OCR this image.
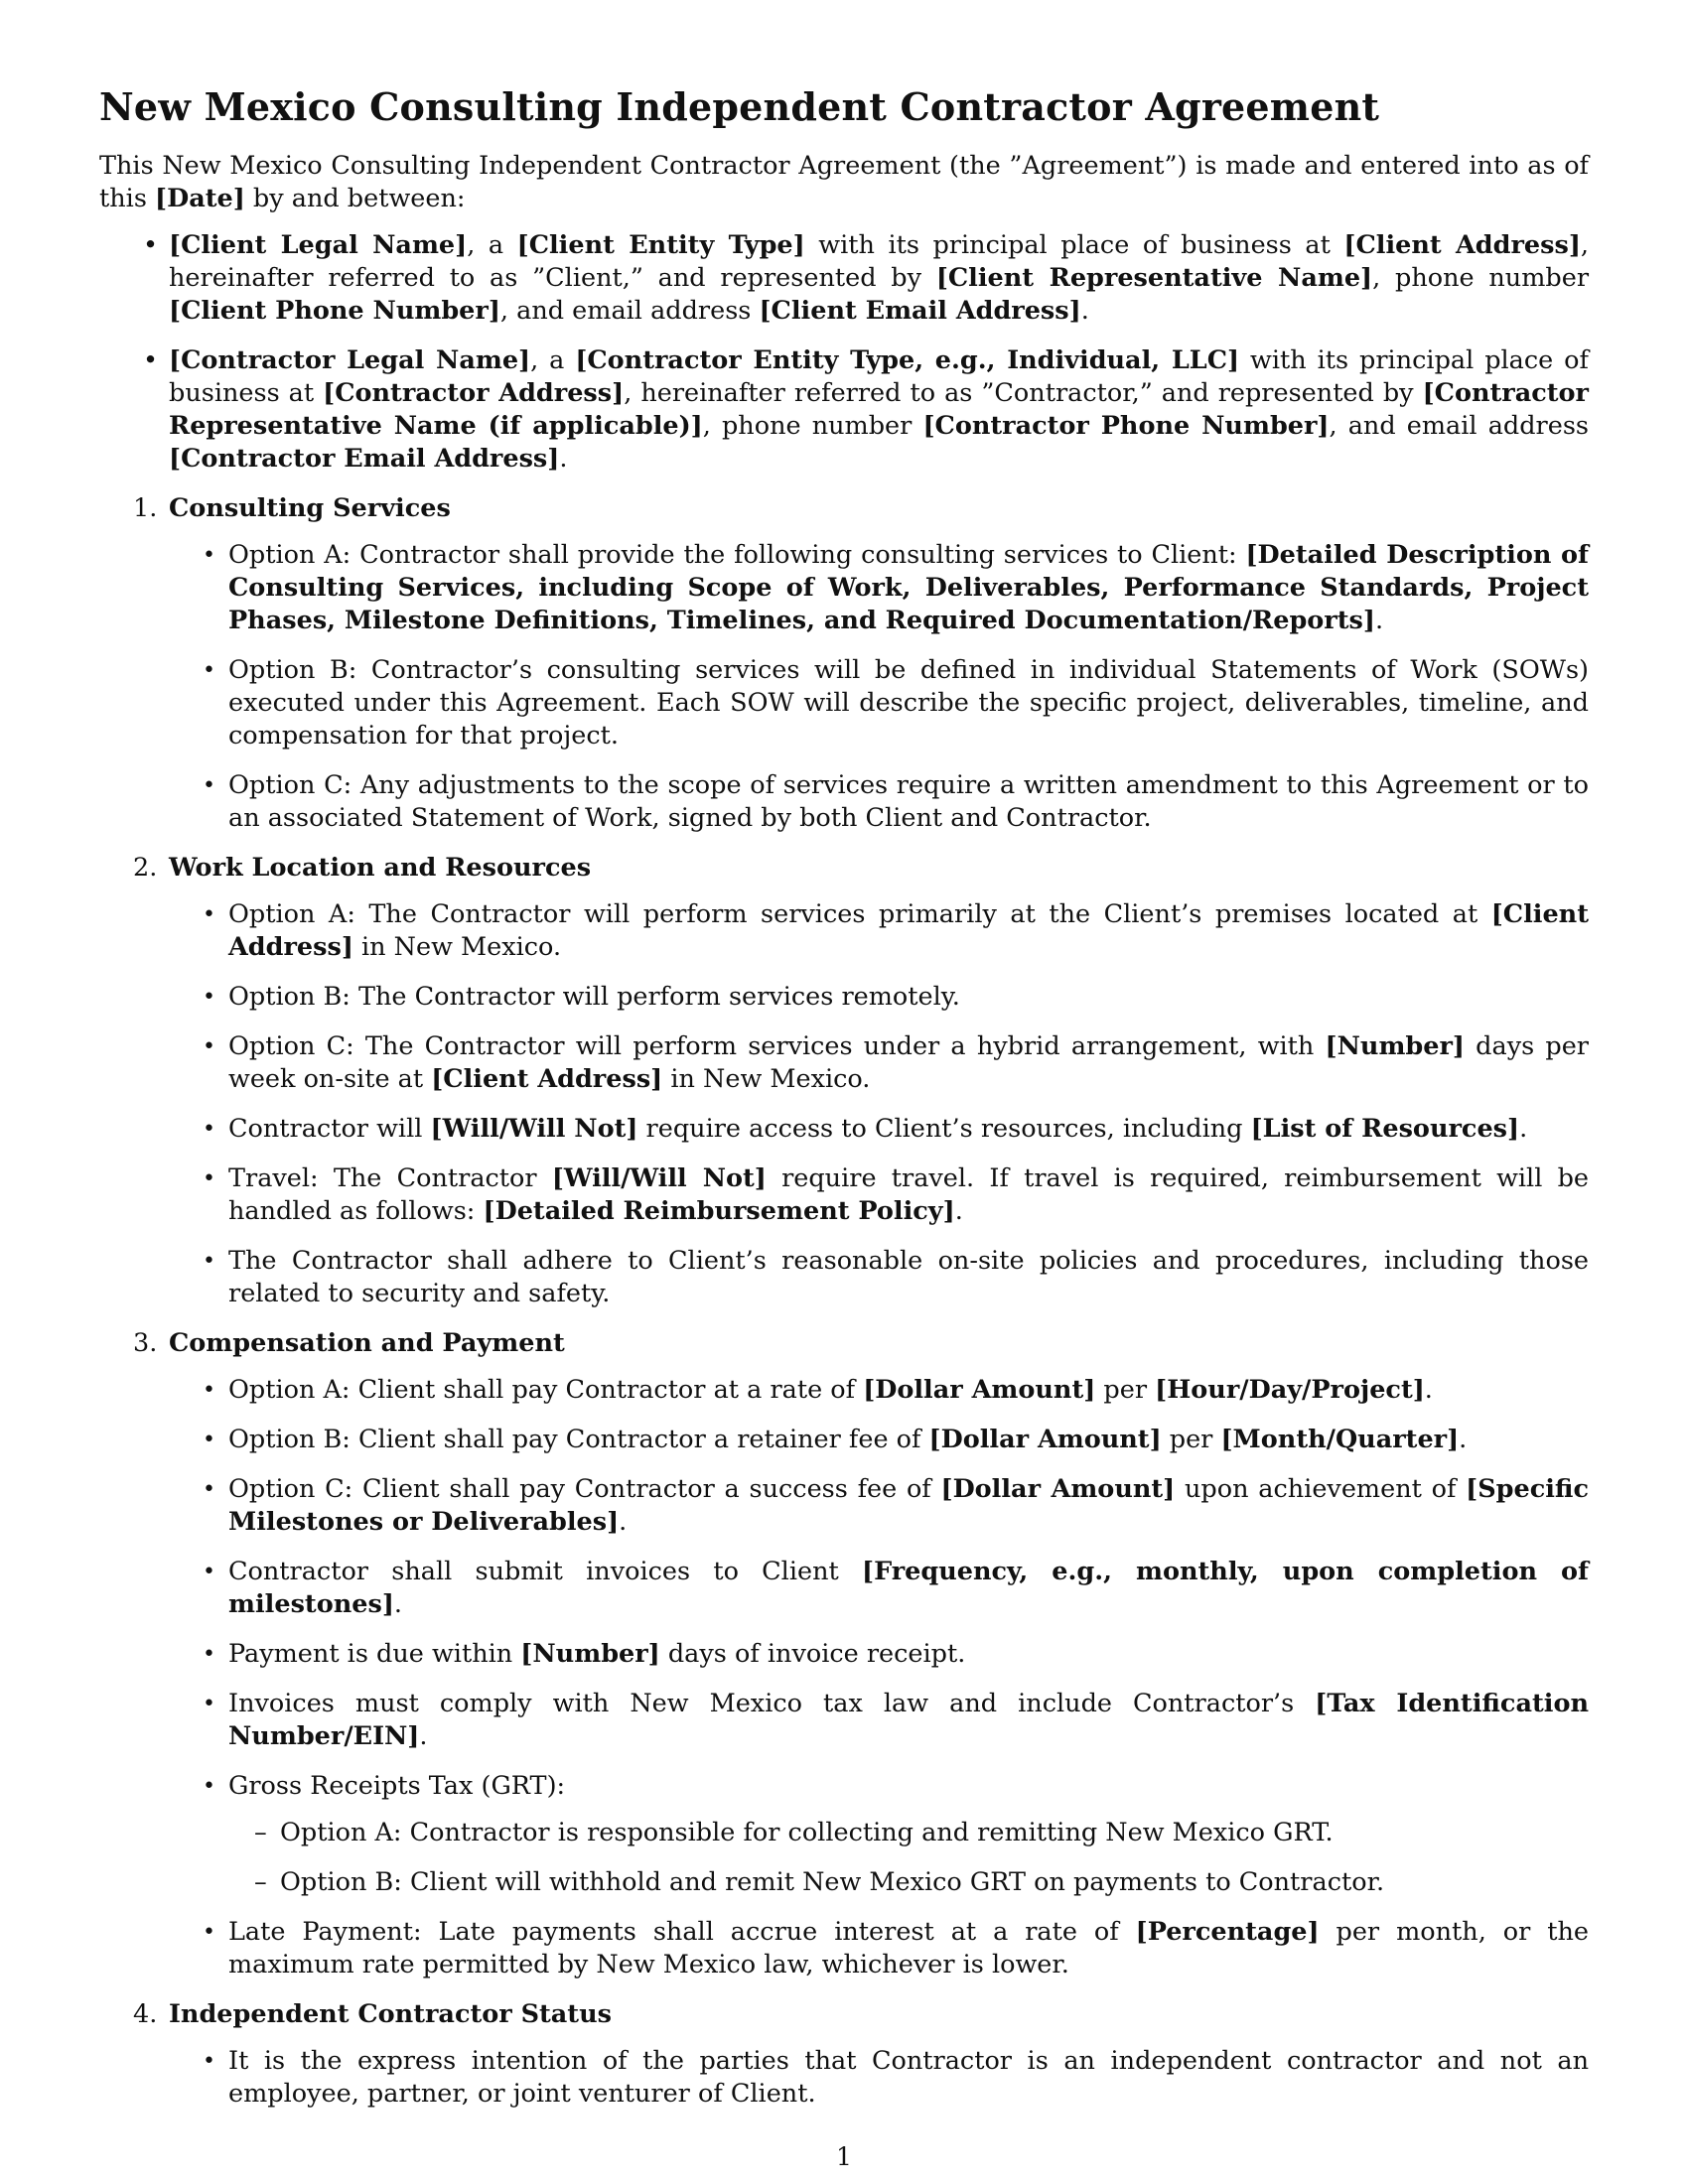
New Mexico Consulting Independent Contractor Agreement

This New Mexico Consulting Independent Contractor Agreement (the ”Agreement”) is made and entered into as of this [Date] by and between:

• [Client Legal Name], a [Client Entity Type] with its principal place of business at [Client Address], hereinafter referred to as ”Client,” and represented by [Client Representative Name], phone number [Client Phone Number], and email address [Client Email Address].
• [Contractor Legal Name], a [Contractor Entity Type, e.g., Individual, LLC] with its principal place of business at [Contractor Address], hereinafter referred to as ”Contractor,” and represented by [Contractor Representative Name (if applicable)], phone number [Contractor Phone Number], and email address [Contractor Email Address].
1. Consulting Services
• Option A: Contractor shall provide the following consulting services to Client: [Detailed Description of Consulting Services, including Scope of Work, Deliverables, Performance Standards, Project Phases, Milestone Definitions, Timelines, and Required Documentation/Reports].
• Option B: Contractor’s consulting services will be defined in individual Statements of Work (SOWs) executed under this Agreement. Each SOW will describe the specific project, deliverables, timeline, and compensation for that project.
• Option C: Any adjustments to the scope of services require a written amendment to this Agreement or to an associated Statement of Work, signed by both Client and Contractor.
2. Work Location and Resources
• Option A: The Contractor will perform services primarily at the Client’s premises located at [Client Address] in New Mexico.
• Option B: The Contractor will perform services remotely.
• Option C: The Contractor will perform services under a hybrid arrangement, with [Number] days per week on-site at [Client Address] in New Mexico.
• Contractor will [Will/Will Not] require access to Client’s resources, including [List of Resources].
• Travel: The Contractor [Will/Will Not] require travel. If travel is required, reimbursement will be handled as follows: [Detailed Reimbursement Policy].
• The Contractor shall adhere to Client’s reasonable on-site policies and procedures, including those related to security and safety.
3. Compensation and Payment
• Option A: Client shall pay Contractor at a rate of [Dollar Amount] per [Hour/Day/Project].
• Option B: Client shall pay Contractor a retainer fee of [Dollar Amount] per [Month/Quarter].
• Option C: Client shall pay Contractor a success fee of [Dollar Amount] upon achievement of [Specific Milestones or Deliverables].
• Contractor shall submit invoices to Client [Frequency, e.g., monthly, upon completion of milestones].
• Payment is due within [Number] days of invoice receipt.
• Invoices must comply with New Mexico tax law and include Contractor’s [Tax Identification Number/EIN].
• Gross Receipts Tax (GRT):
– Option A: Contractor is responsible for collecting and remitting New Mexico GRT.
– Option B: Client will withhold and remit New Mexico GRT on payments to Contractor.
• Late Payment: Late payments shall accrue interest at a rate of [Percentage] per month, or the maximum rate permitted by New Mexico law, whichever is lower.
4. Independent Contractor Status
• It is the express intention of the parties that Contractor is an independent contractor and not an employee, partner, or joint venturer of Client.
1
